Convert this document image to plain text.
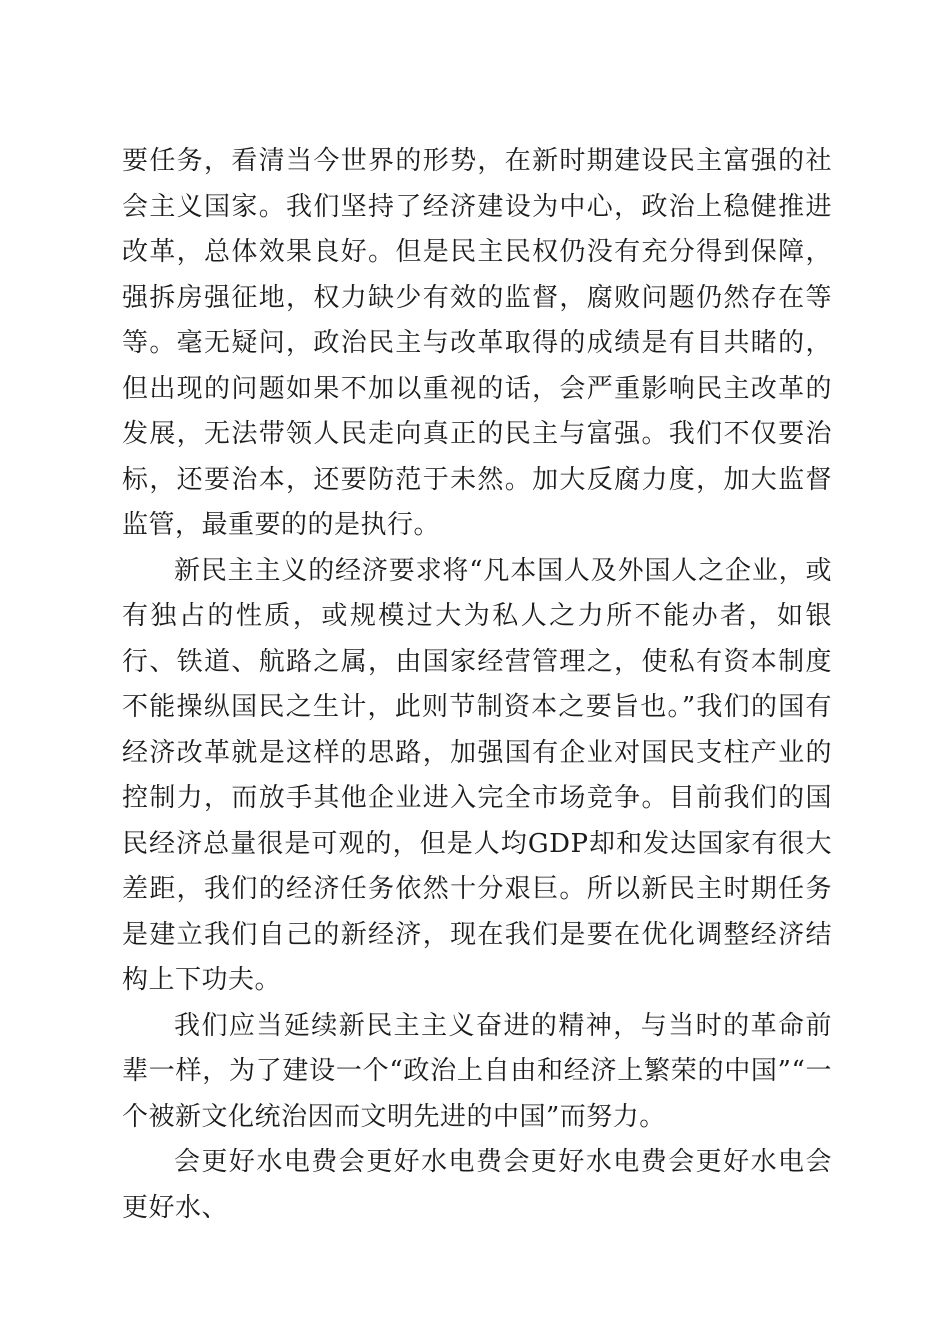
要任务，看清当今世界的形势，在新时期建设民主富强的社会主义国家。我们坚持了经济建设为中心，政治上稳健推进改革，总体效果良好。但是民主民权仍没有充分得到保障，强拆房强征地，权力缺少有效的监督，腐败问题仍然存在等等。毫无疑问，政治民主与改革取得的成绩是有目共睹的，但出现的问题如果不加以重视的话，会严重影响民主改革的发展，无法带领人民走向真正的民主与富强。我们不仅要治标，还要治本，还要防范于未然。加大反腐力度，加大监督监管，最重要的的是执行。

新民主主义的经济要求将“凡本国人及外国人之企业，或有独占的性质，或规模过大为私人之力所不能办者，如银行、铁道、航路之属，由国家经营管理之，使私有资本制度不能操纵国民之生计，此则节制资本之要旨也。”我们的国有经济改革就是这样的思路，加强国有企业对国民支柱产业的控制力，而放手其他企业进入完全市场竞争。目前我们的国民经济总量很是可观的，但是人均GDP却和发达国家有很大差距，我们的经济任务依然十分艰巨。所以新民主时期任务是建立我们自己的新经济，现在我们是要在优化调整经济结构上下功夫。

我们应当延续新民主主义奋进的精神，与当时的革命前辈一样，为了建设一个“政治上自由和经济上繁荣的中国”“一个被新文化统治因而文明先进的中国”而努力。

会更好水电费会更好水电费会更好水电费会更好水电会更好水、
